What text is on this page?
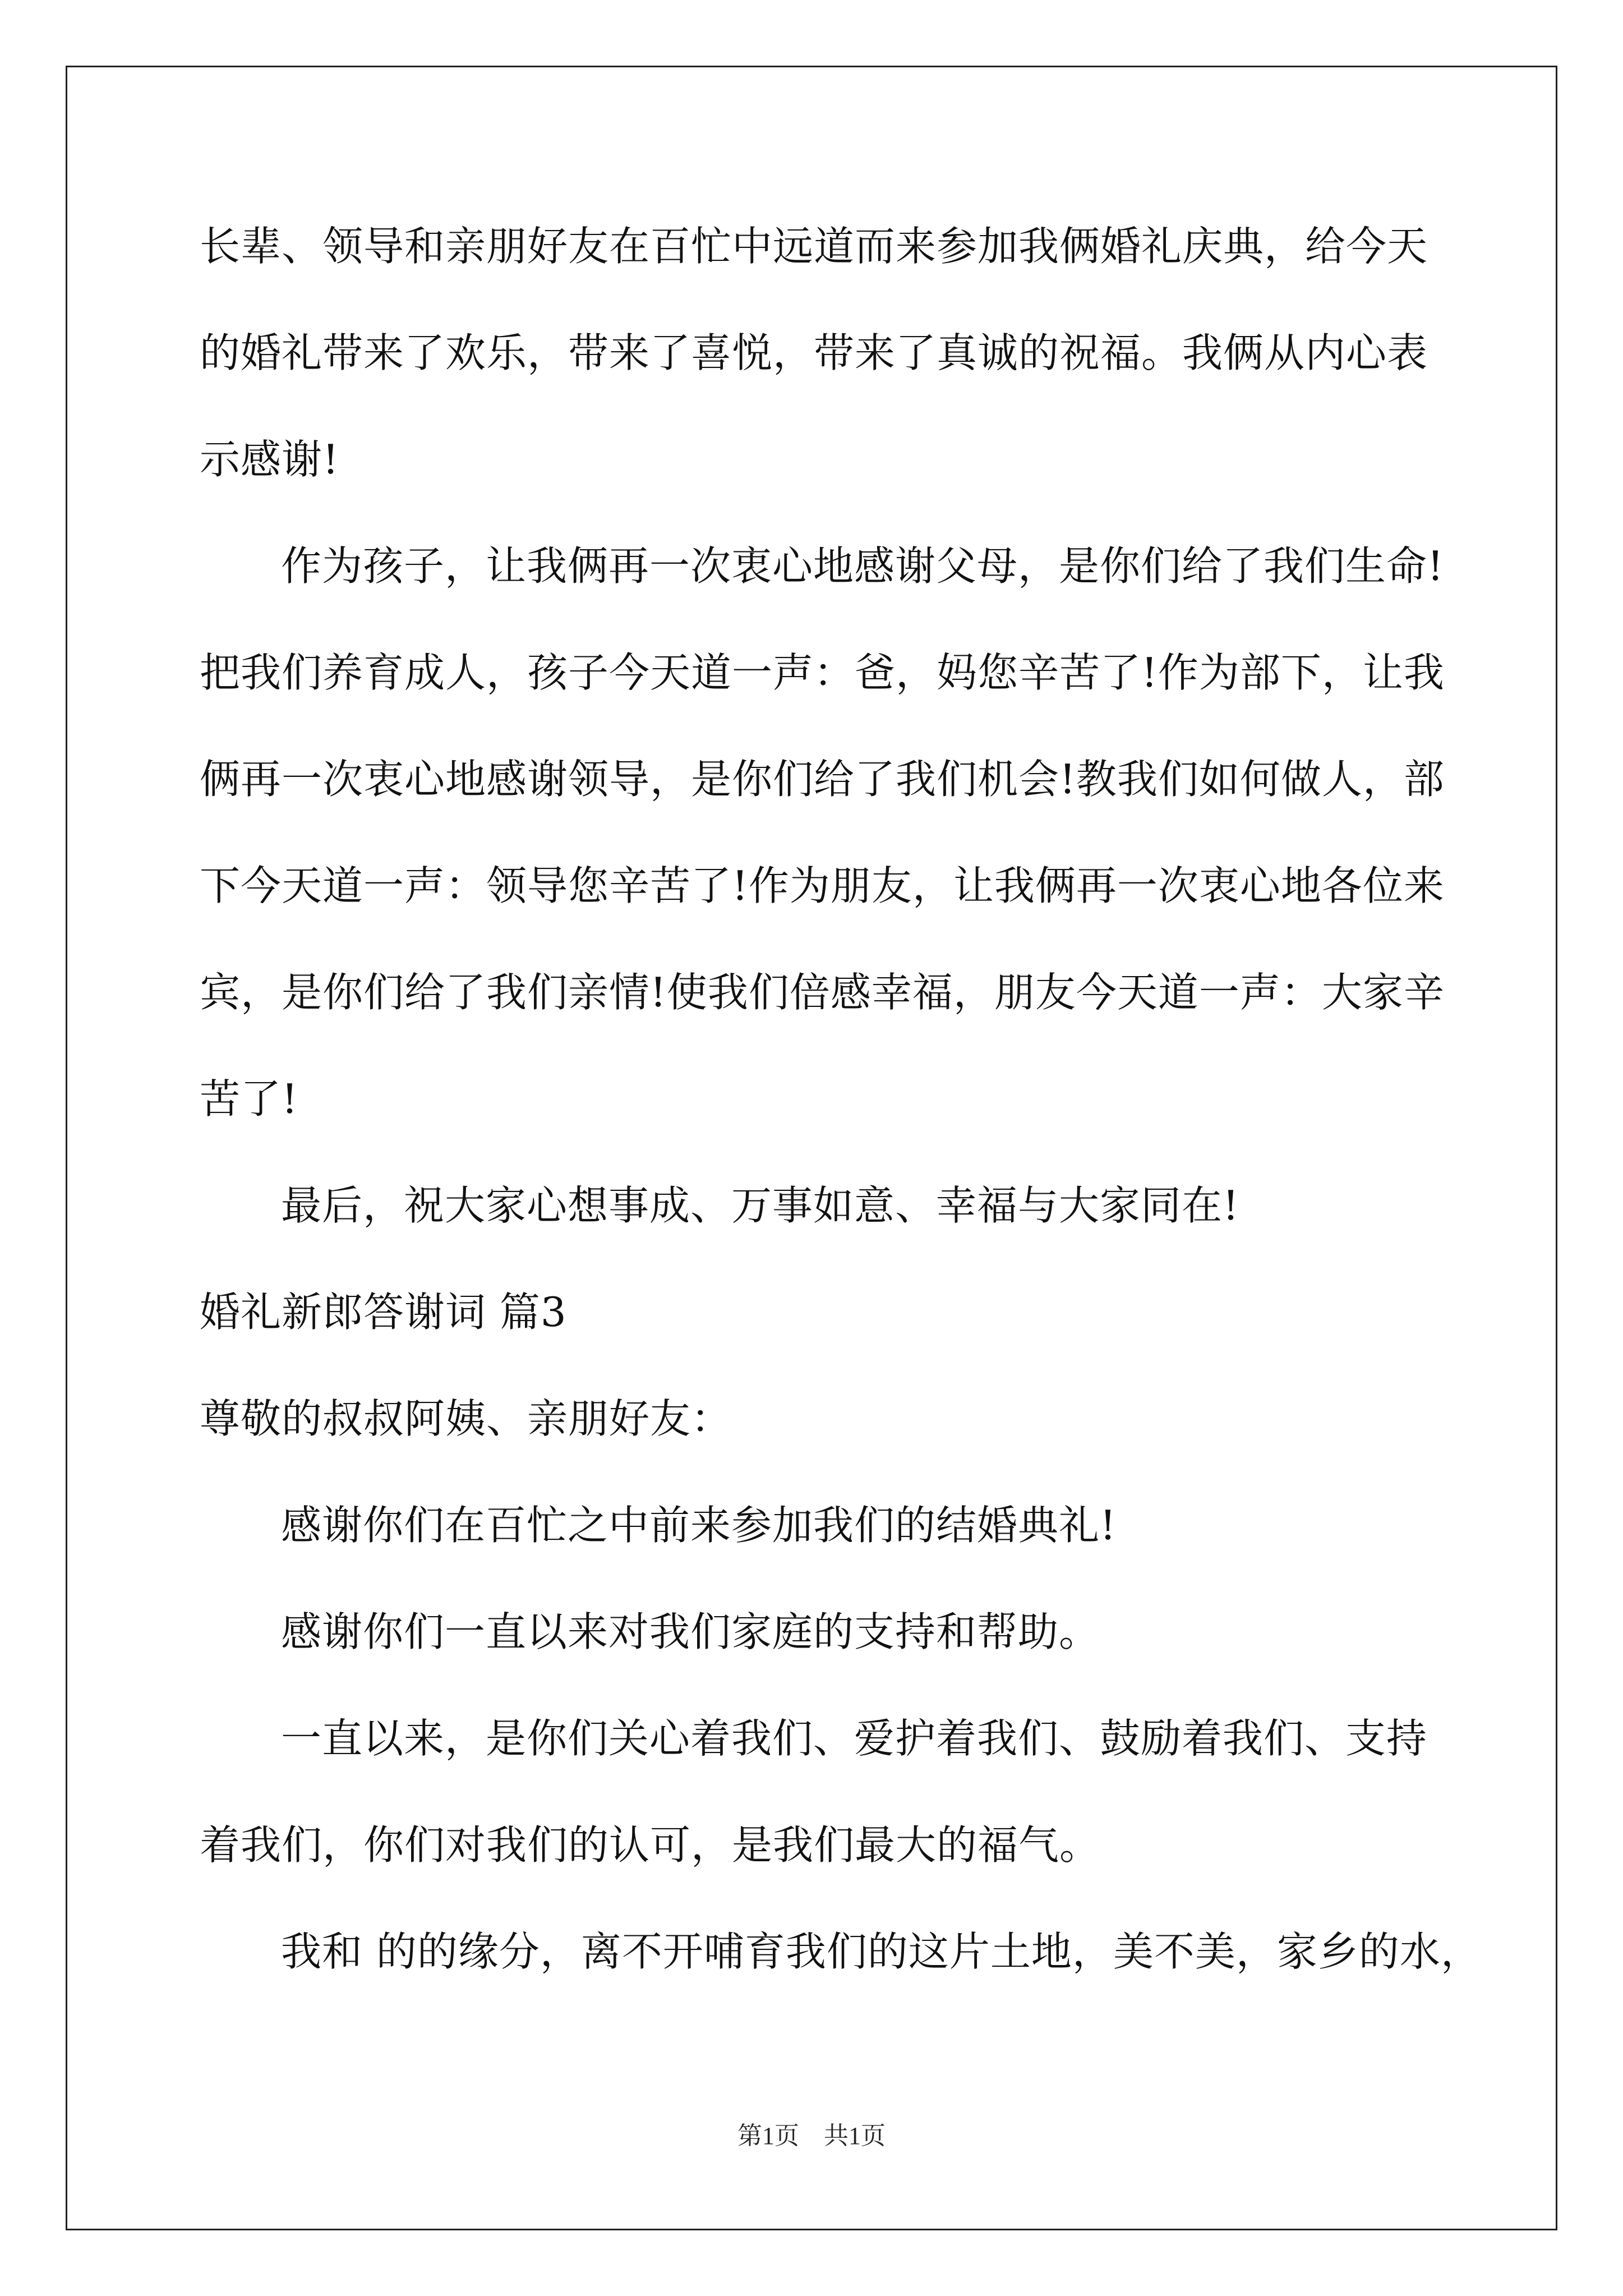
长辈、领导和亲朋好友在百忙中远道而来参加我俩婚礼庆典，给今天
的婚礼带来了欢乐，带来了喜悦，带来了真诚的祝福。我俩从内心表
示感谢!
作为孩子，让我俩再一次衷心地感谢父母，是你们给了我们生命!
把我们养育成人，孩子今天道一声：爸，妈您辛苦了!作为部下，让我
俩再一次衷心地感谢领导，是你们给了我们机会!教我们如何做人，部
下今天道一声：领导您辛苦了!作为朋友，让我俩再一次衷心地各位来
宾，是你们给了我们亲情!使我们倍感幸福，朋友今天道一声：大家辛
苦了!
最后，祝大家心想事成、万事如意、幸福与大家同在!
婚礼新郎答谢词 篇3
尊敬的叔叔阿姨、亲朋好友：
感谢你们在百忙之中前来参加我们的结婚典礼!
感谢你们一直以来对我们家庭的支持和帮助。
一直以来，是你们关心着我们、爱护着我们、鼓励着我们、支持
着我们，你们对我们的认可，是我们最大的福气。
我和 的的缘分，离不开哺育我们的这片土地，美不美，家乡的水，
第1页　共1页
